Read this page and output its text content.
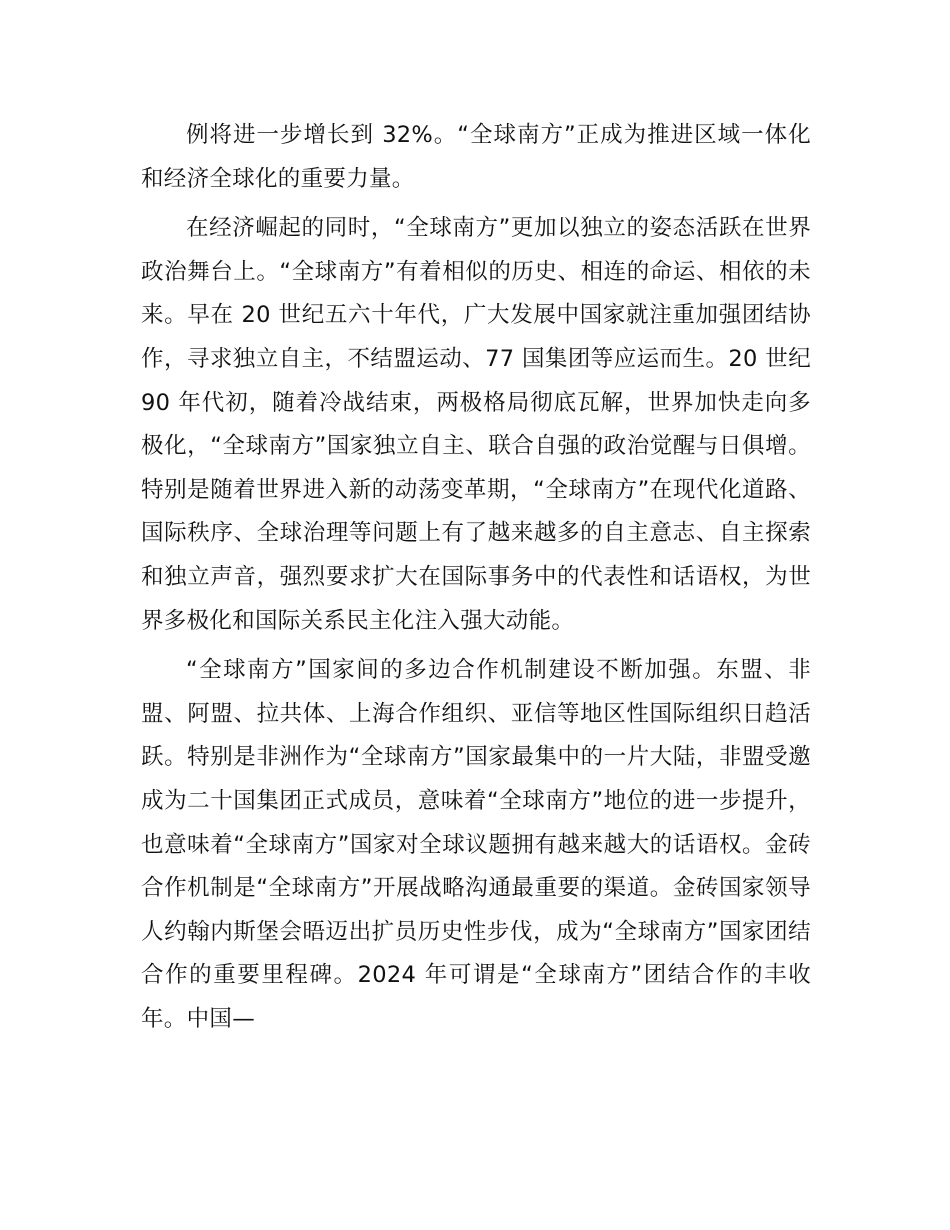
例将进一步增长到 32%。“全球南方”正成为推进区域一体化和经济全球化的重要力量。

在经济崛起的同时，“全球南方”更加以独立的姿态活跃在世界政治舞台上。“全球南方”有着相似的历史、相连的命运、相依的未来。早在 20 世纪五六十年代，广大发展中国家就注重加强团结协作，寻求独立自主，不结盟运动、77 国集团等应运而生。20 世纪 90 年代初，随着冷战结束，两极格局彻底瓦解，世界加快走向多极化，“全球南方”国家独立自主、联合自强的政治觉醒与日俱增。特别是随着世界进入新的动荡变革期，“全球南方”在现代化道路、国际秩序、全球治理等问题上有了越来越多的自主意志、自主探索和独立声音，强烈要求扩大在国际事务中的代表性和话语权，为世界多极化和国际关系民主化注入强大动能。

“全球南方”国家间的多边合作机制建设不断加强。东盟、非盟、阿盟、拉共体、上海合作组织、亚信等地区性国际组织日趋活跃。特别是非洲作为“全球南方”国家最集中的一片大陆，非盟受邀成为二十国集团正式成员，意味着“全球南方”地位的进一步提升，也意味着“全球南方”国家对全球议题拥有越来越大的话语权。金砖合作机制是“全球南方”开展战略沟通最重要的渠道。金砖国家领导人约翰内斯堡会晤迈出扩员历史性步伐，成为“全球南方”国家团结合作的重要里程碑。2024 年可谓是“全球南方”团结合作的丰收年。中国—
